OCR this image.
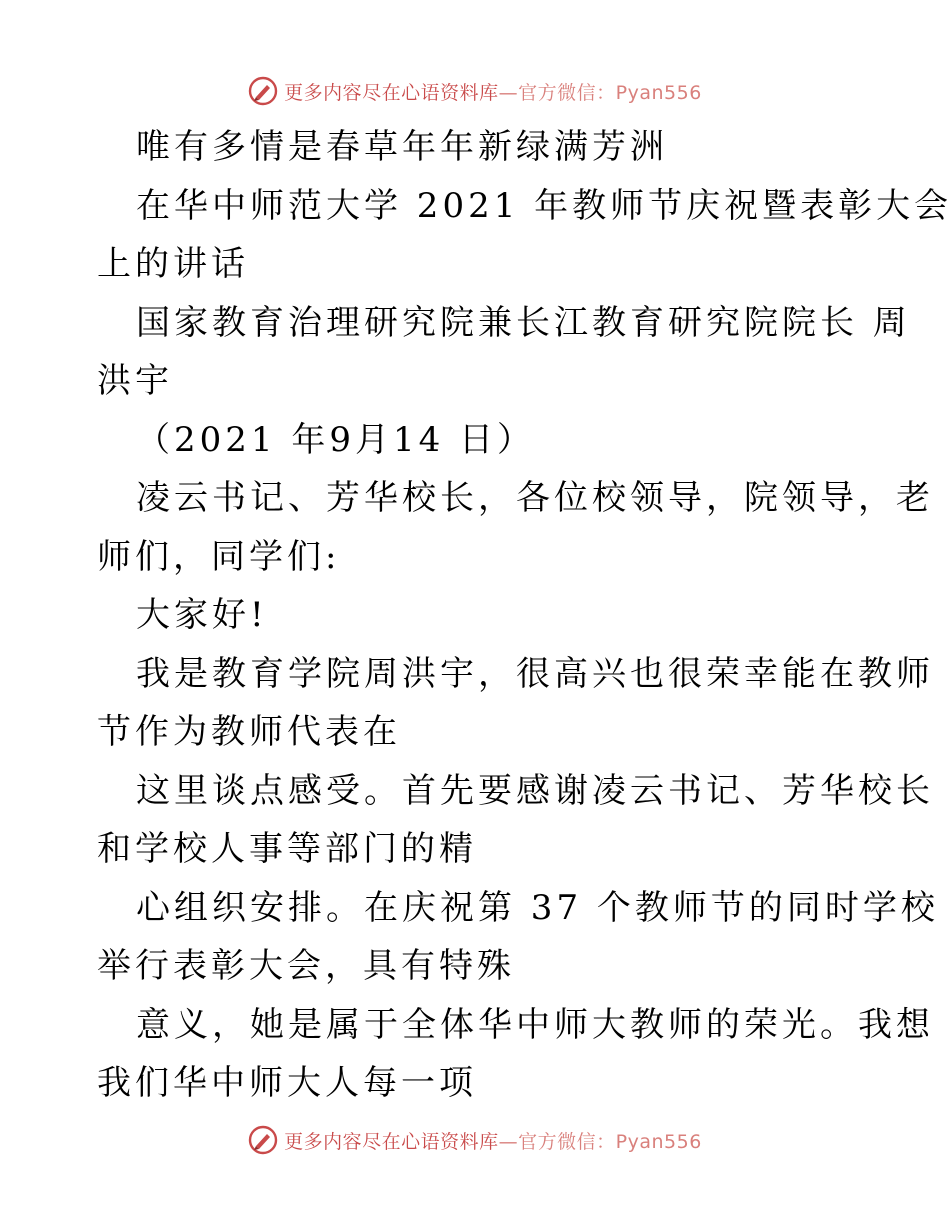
更多内容尽在心语资料库—官方微信：Pyan556
唯有多情是春草年年新绿满芳洲
在华中师范大学 2021 年教师节庆祝暨表彰大会
上的讲话
国家教育治理研究院兼长江教育研究院院长 周
洪宇
（2021 年9月14 日）
凌云书记、芳华校长，各位校领导，院领导，老
师们，同学们:
大家好!
我是教育学院周洪宇，很高兴也很荣幸能在教师
节作为教师代表在
这里谈点感受。首先要感谢凌云书记、芳华校长
和学校人事等部门的精
心组织安排。在庆祝第 37 个教师节的同时学校
举行表彰大会，具有特殊
意义，她是属于全体华中师大教师的荣光。我想
我们华中师大人每一项
更多内容尽在心语资料库—官方微信：Pyan556
